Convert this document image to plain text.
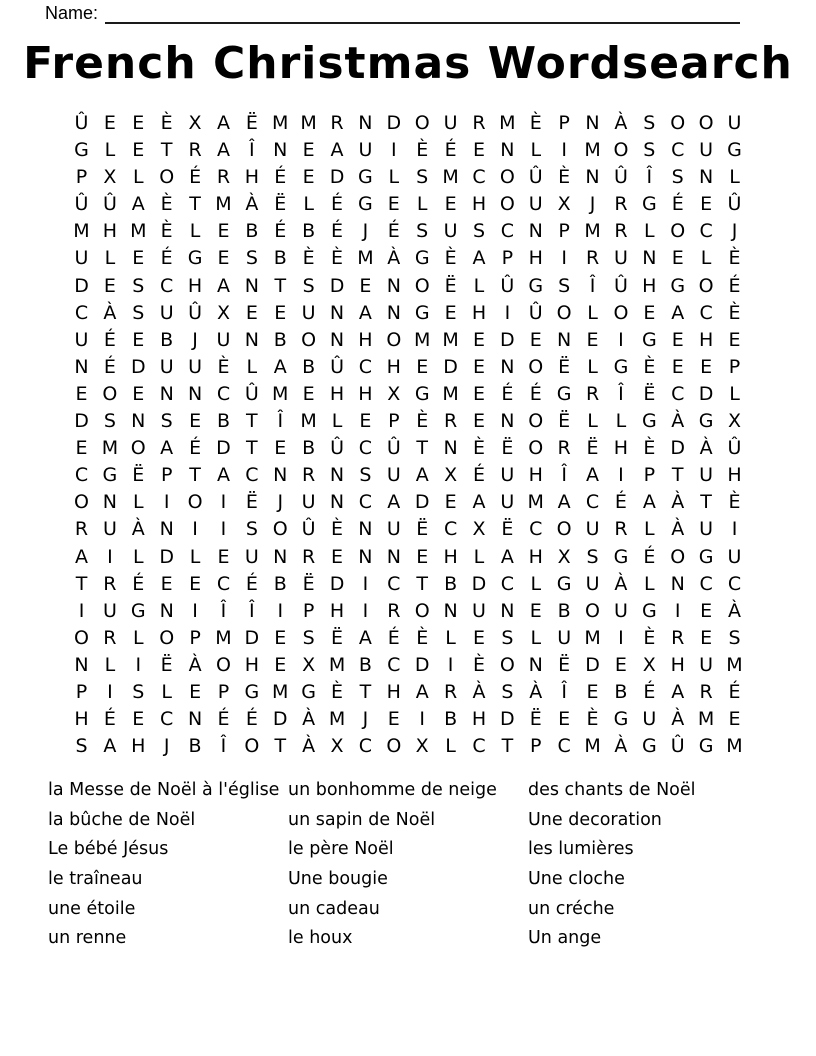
Name:
French Christmas Wordsearch
Û E E È X A Ë M M R N D O U R M È P N À S O O U
G L E T R A	Î N E A U I	È É E N L	I M O S C U G
P X L O É R H É E D G L S M C O Û È N Û Î	S N L
Û Û A È T M À Ë L É G E L E H O U X	J R G É E Û
M H M È L E B É B É	J	É S U S C N P M R L O C J
U L E É G E S B È È M À G È A P H I R U N E L È
D E S C H A N T S D E N O Ë L Û G S	Î Û H G O É
C À S U Û X E E U N A N G E H I Û O L O E A C È
U É E B	J U N B O N H O M M E D E N E	I G E H E
N É D U U È L A B Û C H E D E N O Ë L G È E E P
E O E N N C Û M E H H X G M E É É G R Î	Ë C D L
D S N S E B T	Î M L E P È R E N O Ë L L G À G X
E M O A É D T E B Û C Û T N È Ë O R Ë H È D À Û
C G Ë P T A C N R N S U A X É U H Î	A	I	P T U H
O N L	I O I	Ë	J U N C A D E A U M A C É A À T È
R U À N I	I	S O Û È N U Ë C X Ë C O U R L À U I
A	I	L D L E U N R E N N E H L A H X S G É O G U
T R É E E C É B Ë D I C T B D C L G U À L N C C
I U G N I	Î	Î	I	P H I R O N U N E B O U G I	E À
O R L O P M D E S Ë A É È L E S L U M I	È R E S
N L	I	Ë À O H E X M B C D I	È O N Ë D E X H U M
P	I	S L E P G M G È T H A R À S À	Î	E B É A R É
H É E C N É É D À M J	E	I	B H D Ë E È G U À M E
S A H J	B	Î O T À X C O X L C T P C M À G Û G M
la Messe de Noël à l'église
la bûche de Noël
Le bébé Jésus
le traîneau
une étoile
un renne
un bonhomme de neige
un sapin de Noël
le père Noël
Une bougie
un cadeau
le houx
des chants de Noël
Une decoration
les lumières
Une cloche
un créche
Un ange
